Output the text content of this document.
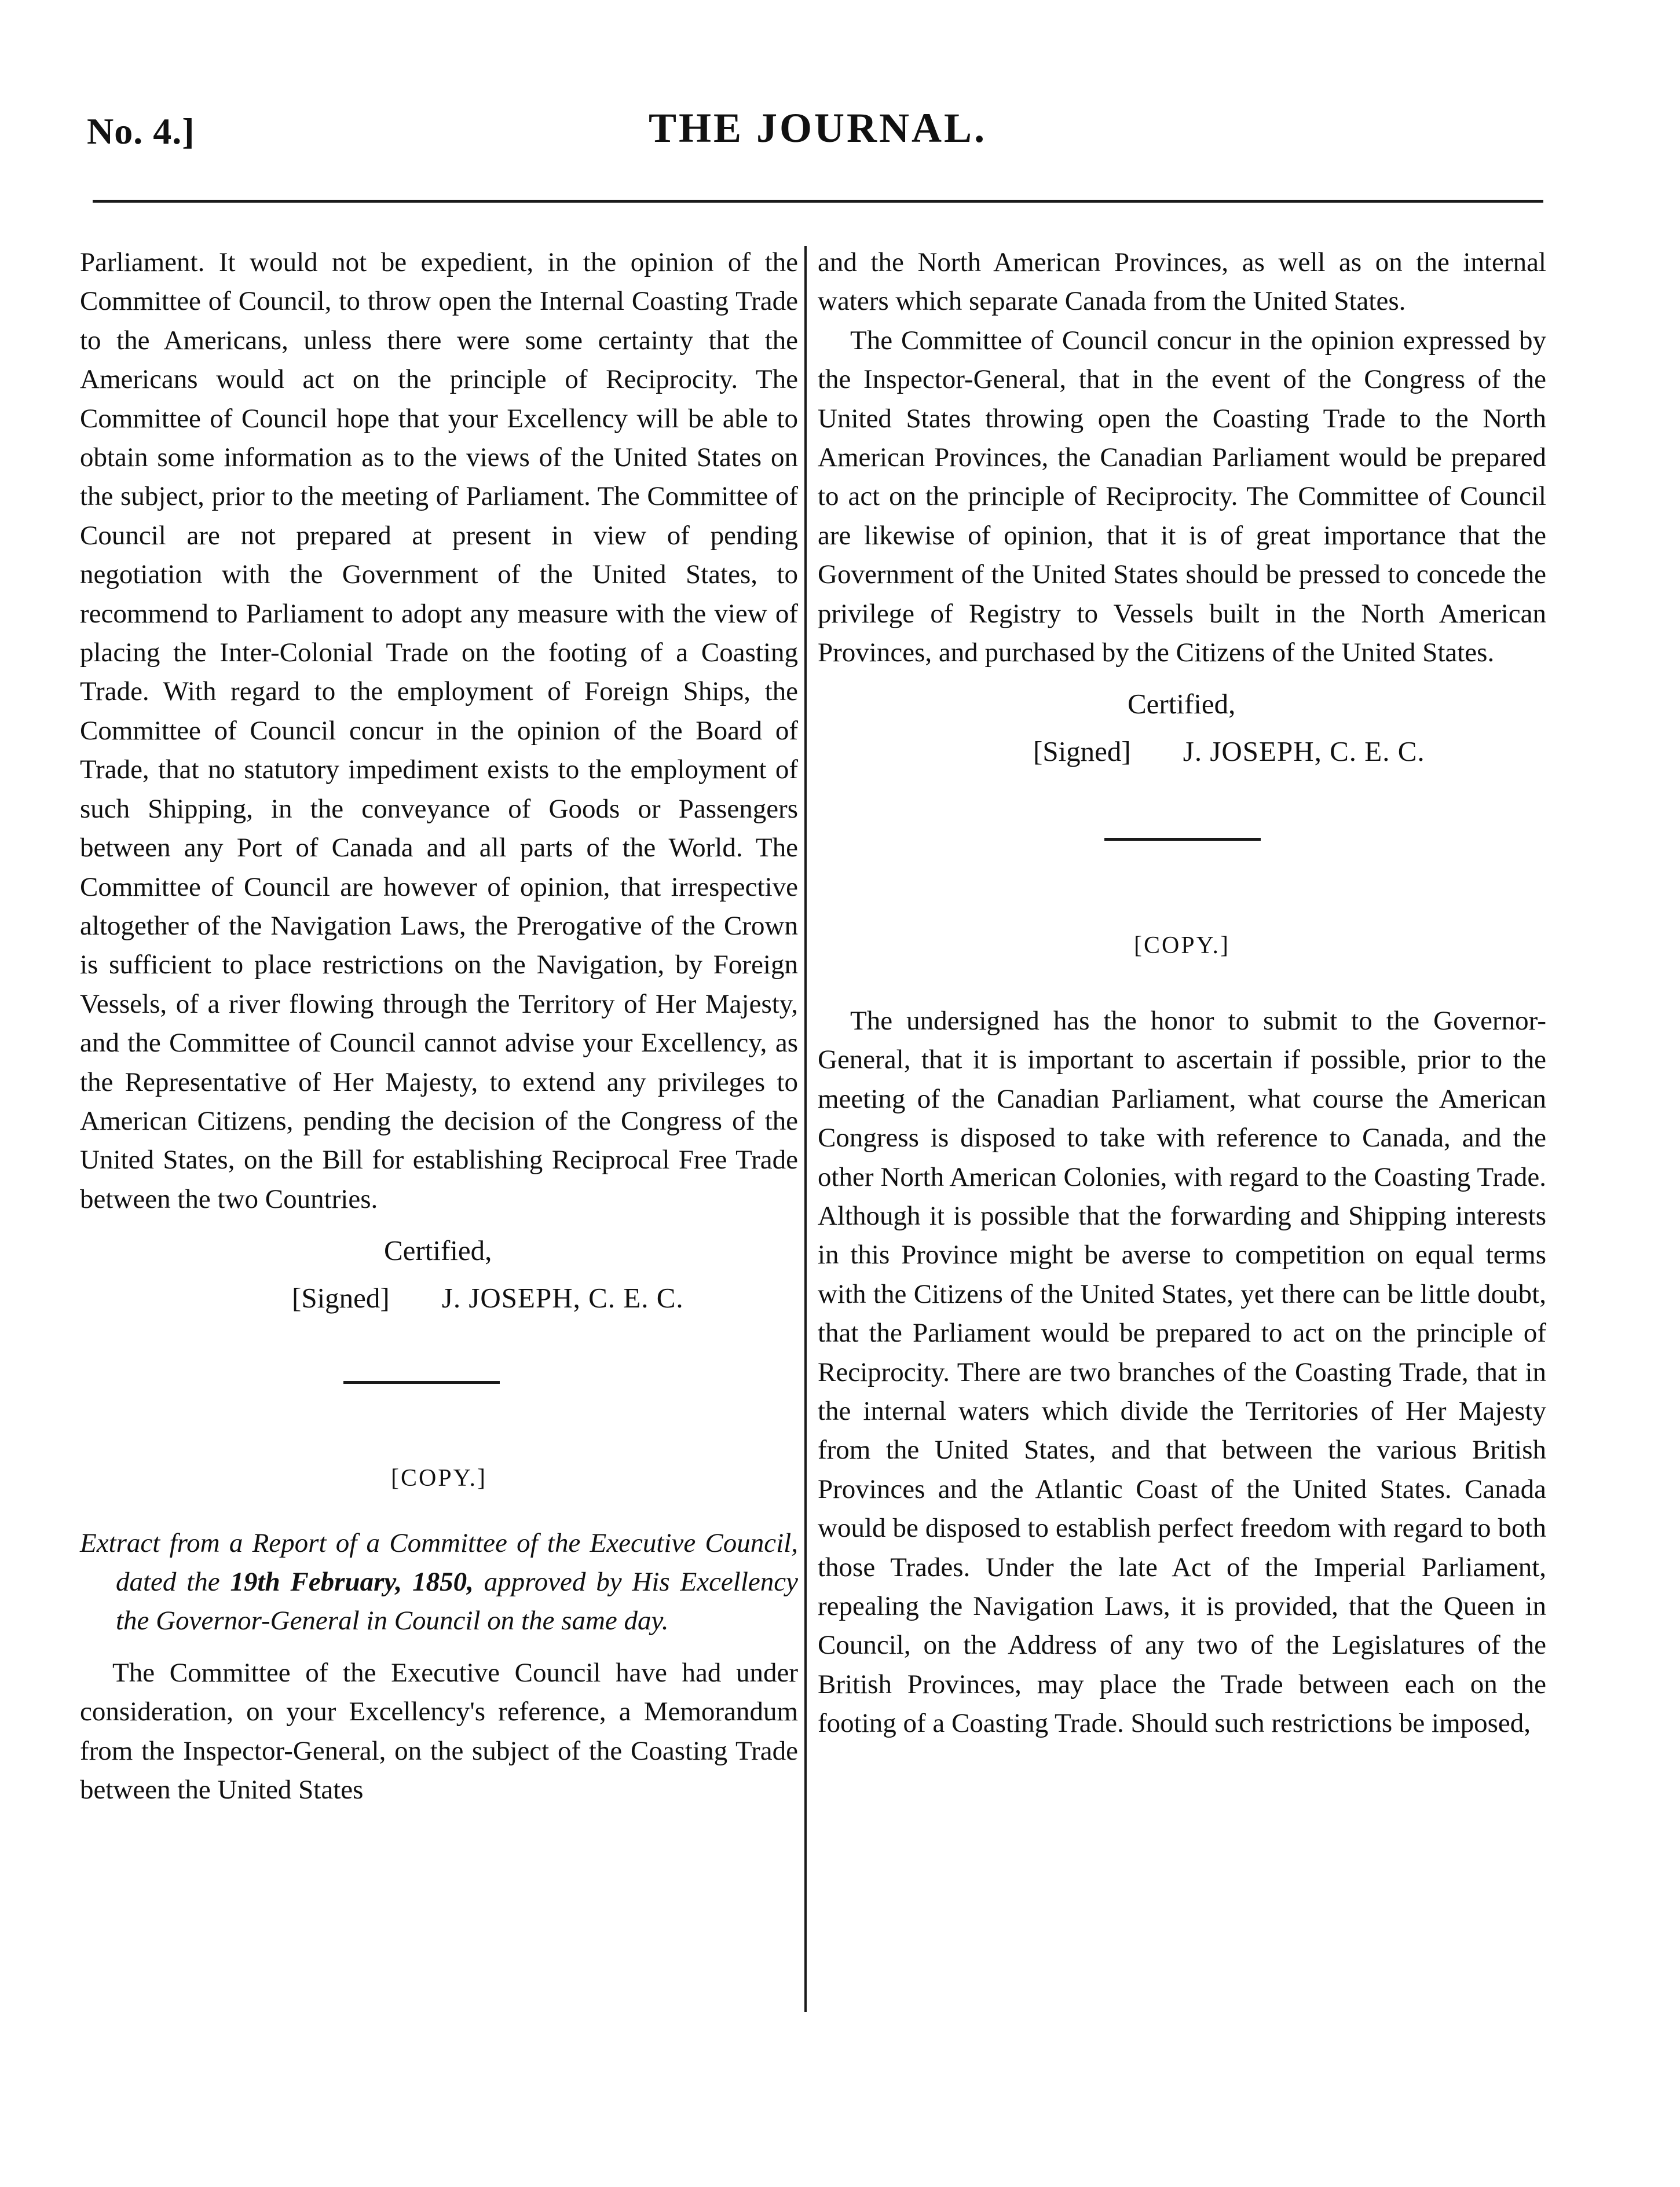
No. 4.]	THE JOURNAL.

Parliament. It would not be expedient, in the opinion of the Committee of Council, to throw open the Internal Coasting Trade to the Americans, unless there were some certainty that the Americans would act on the principle of Reciprocity. The Committee of Council hope that your Excellency will be able to obtain some information as to the views of the United States on the subject, prior to the meeting of Parliament. The Committee of Council are not prepared at present in view of pending negotiation with the Government of the United States, to recommend to Parliament to adopt any measure with the view of placing the Inter-Colonial Trade on the footing of a Coasting Trade. With regard to the employment of Foreign Ships, the Committee of Council concur in the opinion of the Board of Trade, that no statutory impediment exists to the employment of such Shipping, in the conveyance of Goods or Passengers between any Port of Canada and all parts of the World. The Committee of Council are however of opinion, that irrespective altogether of the Navigation Laws, the Prerogative of the Crown is sufficient to place restrictions on the Navigation, by Foreign Vessels, of a river flowing through the Territory of Her Majesty, and the Committee of Council cannot advise your Excellency, as the Representative of Her Majesty, to extend any privileges to American Citizens, pending the decision of the Congress of the United States, on the Bill for establishing Reciprocal Free Trade between the two Countries.

Certified,
[Signed] J. JOSEPH, C. E. C.
[COPY.]

Extract from a Report of a Committee of the Executive Council, dated the 19th February, 1850, approved by His Excellency the Governor-General in Council on the same day.

The Committee of the Executive Council have had under consideration, on your Excellency's reference, a Memorandum from the Inspector-General, on the subject of the Coasting Trade between the United States

and the North American Provinces, as well as on the internal waters which separate Canada from the United States.

The Committee of Council concur in the opinion expressed by the Inspector-General, that in the event of the Congress of the United States throwing open the Coasting Trade to the North American Provinces, the Canadian Parliament would be prepared to act on the principle of Reciprocity. The Committee of Council are likewise of opinion, that it is of great importance that the Government of the United States should be pressed to concede the privilege of Registry to Vessels built in the North American Provinces, and purchased by the Citizens of the United States.

Certified,
[Signed] J. JOSEPH, C. E. C.
[COPY.]

The undersigned has the honor to submit to the Governor-General, that it is important to ascertain if possible, prior to the meeting of the Canadian Parliament, what course the American Congress is disposed to take with reference to Canada, and the other North American Colonies, with regard to the Coasting Trade. Although it is possible that the forwarding and Shipping interests in this Province might be averse to competition on equal terms with the Citizens of the United States, yet there can be little doubt, that the Parliament would be prepared to act on the principle of Reciprocity. There are two branches of the Coasting Trade, that in the internal waters which divide the Territories of Her Majesty from the United States, and that between the various British Provinces and the Atlantic Coast of the United States. Canada would be disposed to establish perfect freedom with regard to both those Trades. Under the late Act of the Imperial Parliament, repealing the Navigation Laws, it is provided, that the Queen in Council, on the Address of any two of the Legislatures of the British Provinces, may place the Trade between each on the footing of a Coasting Trade. Should such restrictions be imposed,
